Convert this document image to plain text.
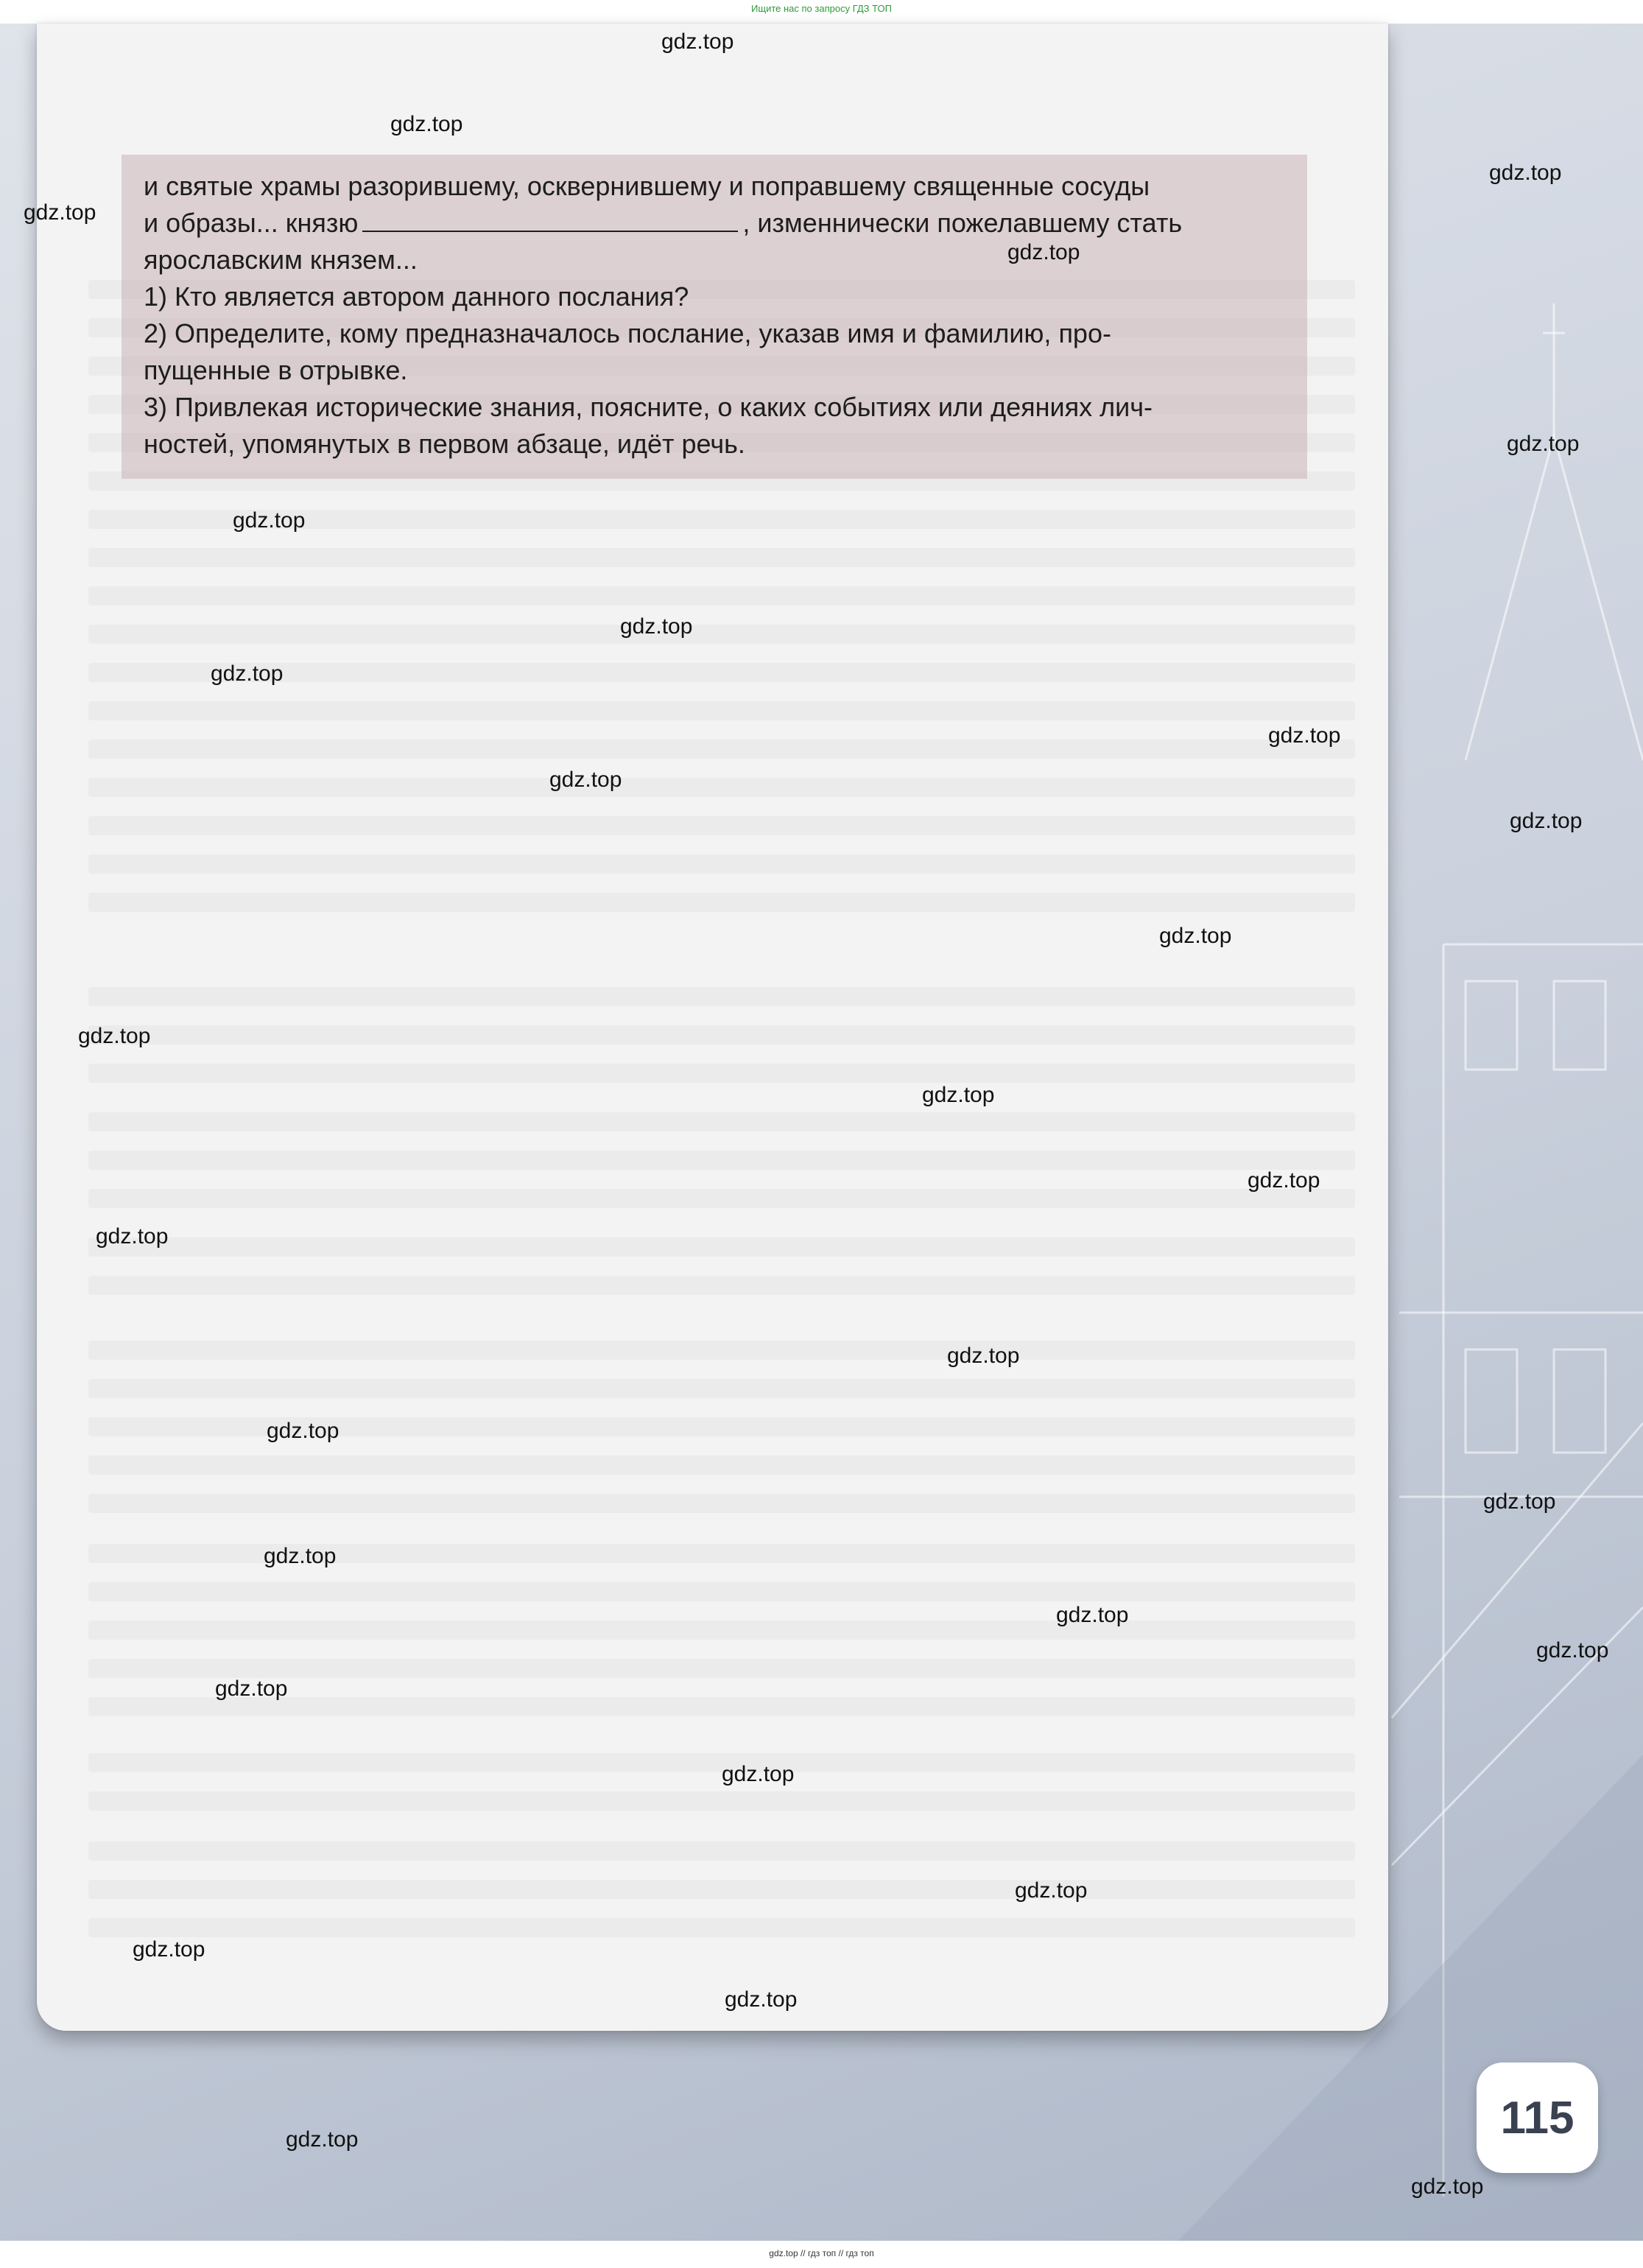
Ищите нас по запросу ГДЗ ТОП

и святые храмы разорившему, осквернившему и поправшему священные сосуды

и образы... князю	, изменнически пожелавшему стать

ярославским князем...

1) Кто является автором данного послания?

2) Определите, кому предназначалось послание, указав имя и фамилию, про-

пущенные в отрывке.

3) Привлекая исторические знания, поясните, о каких событиях или деяниях лич-

ностей, упомянутых в первом абзаце, идёт речь.

115
gdz.top
gdz.top
gdz.top
gdz.top
gdz.top
gdz.top
gdz.top
gdz.top
gdz.top
gdz.top
gdz.top
gdz.top
gdz.top
gdz.top
gdz.top
gdz.top
gdz.top
gdz.top
gdz.top
gdz.top
gdz.top
gdz.top
gdz.top
gdz.top
gdz.top
gdz.top
gdz.top
gdz.top
gdz.top
gdz.top
gdz.top // гдз топ // гдз топ
